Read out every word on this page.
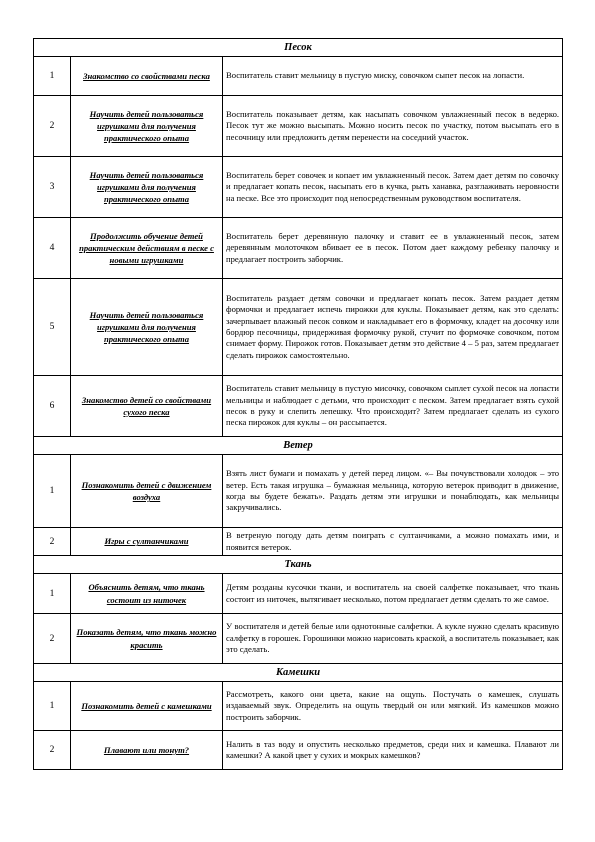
Песок		
1	Знакомство со свойствами песка	Воспитатель ставит мельницу в пустую миску, совочком сыпет песок на лопасти.
2	Научить детей пользоваться игрушками для получения практического опыта	Воспитатель показывает детям, как насыпать совочком увлажненный песок в ведерко. Песок тут же можно высыпать. Можно носить песок по участку, потом высыпать его в песочницу или предложить детям перенести на соседний участок.
3	Научить детей пользоваться игрушками для получения практического опыта	Воспитатель берет совочек и копает им увлажненный песок. Затем дает детям по совочку и предлагает копать песок, насыпать его в кучка, рыть ханавка, разглаживать неровности на песке. Все это происходит под непосредственным руководством воспитателя.
4	Продолжить обучение детей практическим действиям в песке с новыми игрушками	Воспитатель берет деревянную палочку и ставит ее в увлажненный песок, затем деревянным молоточком вбивает ее в песок. Потом дает каждому ребенку палочку и предлагает построить заборчик.
5	Научить детей пользоваться игрушками для получения практического опыта	Воспитатель раздает детям совочки и предлагает копать песок. Затем раздает детям формочки и предлагает испечь пирожки для куклы. Показывает детям, как это сделать: зачерпывает влажный песок совком и накладывает его в формочку, кладет на досочку или бордюр песочницы, придерживая формочку рукой, стучит по формочке совочком, потом снимает форму. Пирожок готов. Показывает детям это действие 4 – 5 раз, затем предлагает сделать пирожок самостоятельно.
6	Знакомство детей со свойствами сухого песка	Воспитатель ставит мельницу в пустую мисочку, совочком сыплет сухой песок на лопасти мельницы и наблюдает с детьми, что происходит с песком. Затем предлагает взять сухой песок в руку и слепить лепешку. Что происходит? Затем предлагает сделать из сухого песка пирожок для куклы – он рассыпается.
Ветер		
1	Познакомить детей с движением воздуха	Взять лист бумаги и помахать у детей перед лицом. «– Вы почувствовали холодок – это ветер. Есть такая игрушка – бумажная мельница, которую ветерок приводит в движение, когда вы будете бежать». Раздать детям эти игрушки и понаблюдать, как мельницы закручивались.
2	Игры с султанчиками	В ветреную погоду дать детям поиграть с султанчиками, а можно помахать ими, и появится ветерок.
Ткань		
1	Объяснить детям, что ткань состоит из ниточек	Детям розданы кусочки ткани, и воспитатель на своей салфетке показывает, что ткань состоит из ниточек, вытягивает несколько, потом предлагает детям сделать то же самое.
2	Показать детям, что ткань можно красить	У воспитателя и детей белые или однотонные салфетки. А кукле нужно сделать красивую салфетку в горошек. Горошинки можно нарисовать краской, а воспитатель показывает, как это сделать.
Камешки		
1	Познакомить детей с камешками	Рассмотреть, какого они цвета, какие на ощупь. Постучать о камешек, слушать издаваемый звук. Определить на ощупь твердый он или мягкий. Из камешков можно построить заборчик.
2	Плавают или тонут?	Налить в таз воду и опустить несколько предметов, среди них и камешка. Плавают ли камешки? А какой цвет у сухих и мокрых камешков?
